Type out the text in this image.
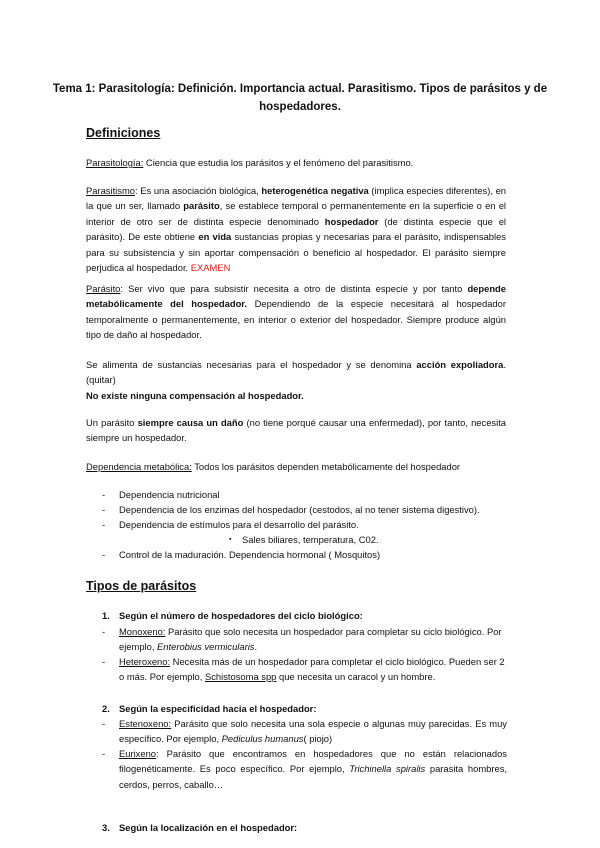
Tema 1: Parasitología: Definición. Importancia actual. Parasitismo. Tipos de parásitos y de hospedadores.
Definiciones
Parasitología: Ciencia que estudia los parásitos y el fenómeno del parasitismo.
Parasitismo: Es una asociación biológica, heterogenética negativa (implica especies diferentes), en la que un ser, llamado parásito, se establece temporal o permanentemente en la superficie o en el interior de otro ser de distinta especie denominado hospedador (de distinta especie que el parásito). De este obtiene en vida sustancias propias y necesarias para el parásito, indispensables para su subsistencia y sin aportar compensación o beneficio al hospedador. El parásito siempre perjudica al hospedador. EXAMEN
Parásito: Ser vivo que para subsistir necesita a otro de distinta especie y por tanto depende metabólicamente del hospedador. Dependiendo de la especie necesitará al hospedador temporalmente o permanentemente, en interior o exterior del hospedador. Siempre produce algún tipo de daño al hospedador.
Se alimenta de sustancias necesarias para el hospedador y se denomina acción expoliadora. (quitar)
No existe ninguna compensación al hospedador.
Un parásito siempre causa un daño (no tiene porqué causar una enfermedad), por tanto, necesita siempre un hospedador.
Dependencia metabólica: Todos los parásitos dependen metabólicamente del hospedador
- Dependencia nutricional
- Dependencia de los enzimas del hospedador (cestodos, al no tener sistema digestivo).
- Dependencia de estímulos para el desarrollo del parásito.
▪ Sales biliares, temperatura, C02.
- Control de la maduración. Dependencia hormonal ( Mosquitos)
Tipos de parásitos
1. Según el número de hospedadores del ciclo biológico:
- Monoxeno: Parásito que solo necesita un hospedador para completar su ciclo biológico. Por ejemplo, Enterobius vermicularis.
- Heteroxeno: Necesita más de un hospedador para completar el ciclo biológico. Pueden ser 2 o más. Por ejemplo, Schistosoma spp que necesita un caracol y un hombre.
2. Según la especificidad hacia el hospedador:
- Estenoxeno: Parásito que solo necesita una sola especie o algunas muy parecidas. Es muy específico. Por ejemplo, Pediculus humanus( piojo)
- Eurixeno: Parásito que encontramos en hospedadores que no están relacionados filogenéticamente. Es poco específico. Por ejemplo, Trichinella spiralis parasita hombres, cerdos, perros, caballo…
3. Según la localización en el hospedador:
